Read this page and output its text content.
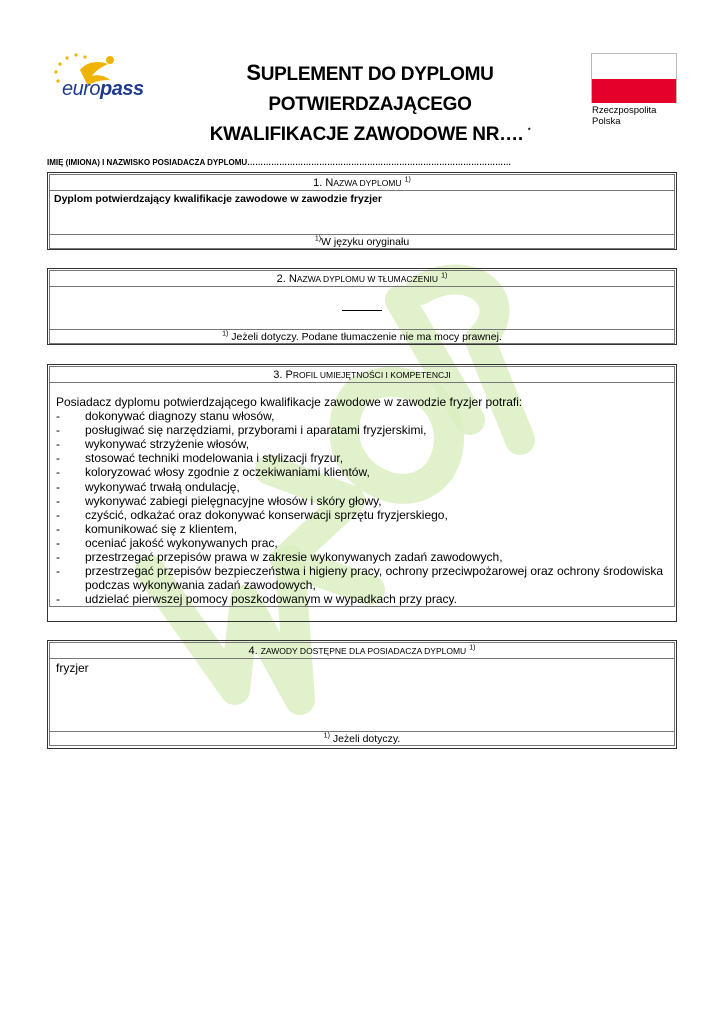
europass
SUPLEMENT DO DYPLOMU POTWIERDZAJĄCEGO
KWALIFIKACJE ZAWODOWE NR…. *
Rzeczpospolita
Polska
IMIĘ (IMIONA) I NAZWISKO POSIADACZA DYPLOMU………………………………………………………………………………………
1. NAZWA DYPLOMU $^{1)}$
Dyplom potwierdzający kwalifikacje zawodowe w zawodzie fryzjer
$^{1)}$W języku oryginału
2. NAZWA DYPLOMU W TŁUMACZENIU $^{1)}$
$^{1)}$ Jeżeli dotyczy. Podane tłumaczenie nie ma mocy prawnej.
3. PROFIL UMIEJĘTNOŚCI I KOMPETENCJI
Posiadacz dyplomu potwierdzającego kwalifikacje zawodowe w zawodzie fryzjer potrafi:
- dokonywać diagnozy stanu włosów,
- posługiwać się narzędziami, przyborami i aparatami fryzjerskimi,
- wykonywać strzyżenie włosów,
- stosować techniki modelowania i stylizacji fryzur,
- koloryzować włosy zgodnie z oczekiwaniami klientów,
- wykonywać trwałą ondulację,
- wykonywać zabiegi pielęgnacyjne włosów i skóry głowy,
- czyścić, odkażać oraz dokonywać konserwacji sprzętu fryzjerskiego,
- komunikować się z klientem,
- oceniać jakość wykonywanych prac,
- przestrzegać przepisów prawa w zakresie wykonywanych zadań zawodowych,
- przestrzegać przepisów bezpieczeństwa i higieny pracy, ochrony przeciwpożarowej oraz ochrony środowiska podczas wykonywania zadań zawodowych,
- udzielać pierwszej pomocy poszkodowanym w wypadkach przy pracy.
4. ZAWODY DOSTĘPNE DLA POSIADACZA DYPLOMU $^{1)}$
fryzjer
$^{1)}$ Jeżeli dotyczy.
